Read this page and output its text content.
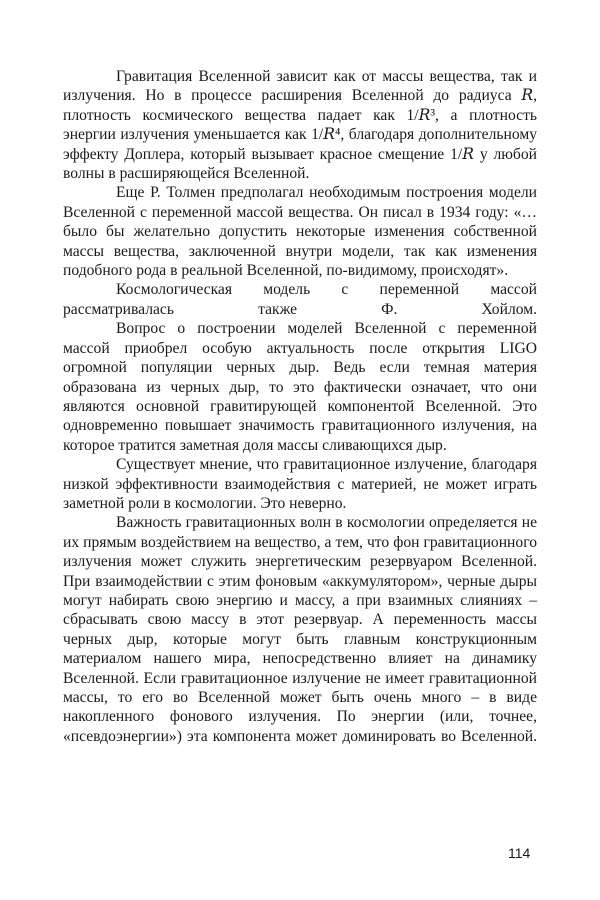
Гравитация Вселенной зависит как от массы вещества, так и излучения. Но в процессе расширения Вселенной до радиуса 𝑅, плотность космического вещества падает как 1/𝑅³, а плотность энергии излучения уменьшается как 1/𝑅⁴, благодаря дополнительному эффекту Доплера, который вызывает красное смещение 1/𝑅 у любой волны в расширяющейся Вселенной.

Еще Р. Толмен предполагал необходимым построения модели Вселенной с переменной массой вещества. Он писал в 1934 году: «…было бы желательно допустить некоторые изменения собственной массы вещества, заключенной внутри модели, так как изменения подобного рода в реальной Вселенной, по-видимому, происходят».

Космологическая модель с переменной массой рассматривалась также Ф. Хойлом.

Вопрос о построении моделей Вселенной с переменной массой приобрел особую актуальность после открытия LIGO огромной популяции черных дыр. Ведь если темная материя образована из черных дыр, то это фактически означает, что они являются основной гравитирующей компонентой Вселенной. Это одновременно повышает значимость гравитационного излучения, на которое тратится заметная доля массы сливающихся дыр.

Существует мнение, что гравитационное излучение, благодаря низкой эффективности взаимодействия с материей, не может играть заметной роли в космологии. Это неверно.

Важность гравитационных волн в космологии определяется не их прямым воздействием на вещество, а тем, что фон гравитационного излучения может служить энергетическим резервуаром Вселенной. При взаимодействии с этим фоновым «аккумулятором», черные дыры могут набирать свою энергию и массу, а при взаимных слияниях – сбрасывать свою массу в этот резервуар. А переменность массы черных дыр, которые могут быть главным конструкционным материалом нашего мира, непосредственно влияет на динамику Вселенной. Если гравитационное излучение не имеет гравитационной массы, то его во Вселенной может быть очень много – в виде накопленного фонового излучения. По энергии (или, точнее, «псевдоэнергии») эта компонента может доминировать во Вселенной.

114
